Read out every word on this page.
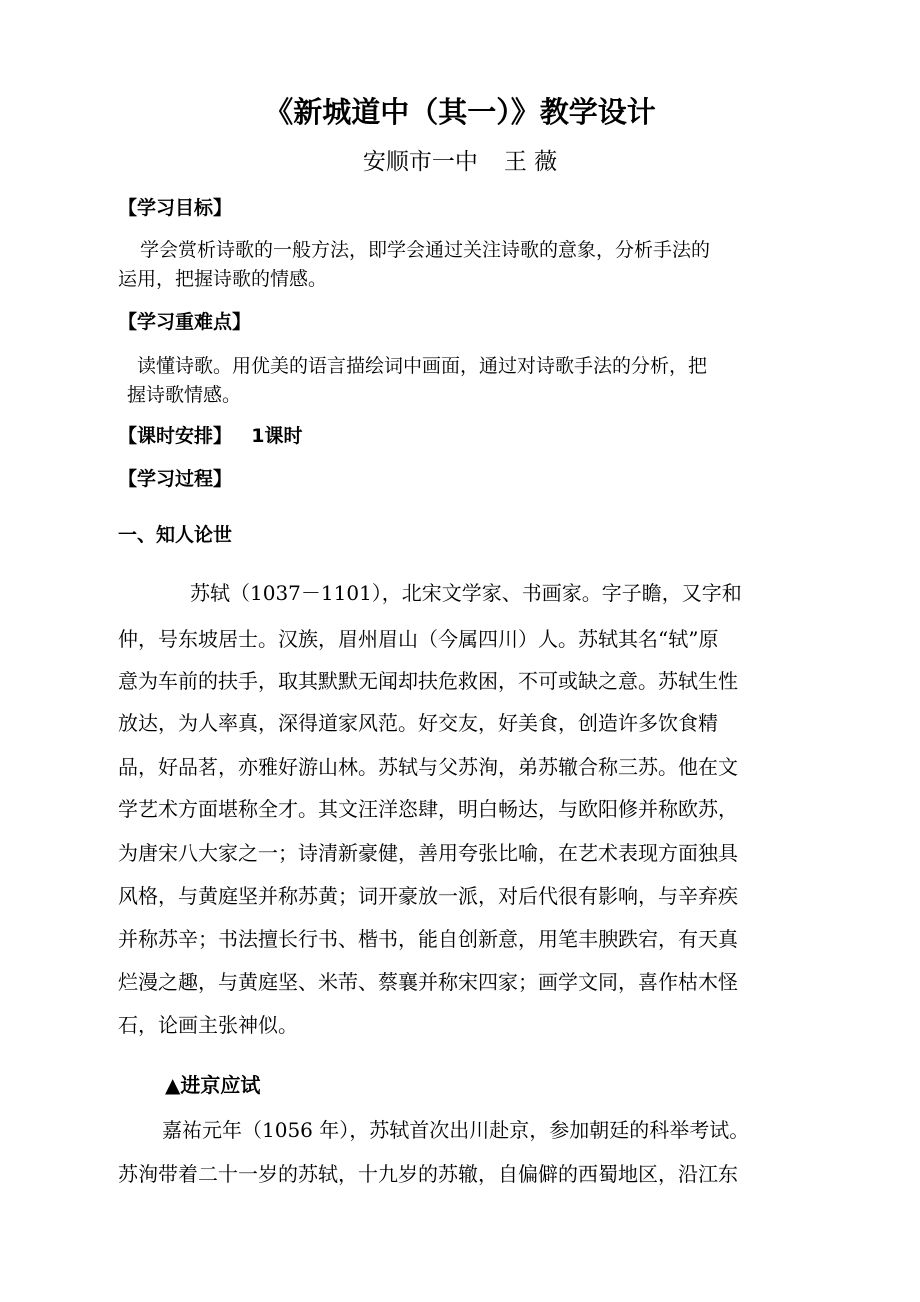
《新城道中（其一）》教学设计
安顺市一中 王 薇
【学习目标】
学会赏析诗歌的一般方法，即学会通过关注诗歌的意象，分析手法的
运用，把握诗歌的情感。
【学习重难点】
读懂诗歌。用优美的语言描绘词中画面，通过对诗歌手法的分析，把
握诗歌情感。
【课时安排】 1课时
【学习过程】
一、知人论世
苏轼（1037－1101），北宋文学家、书画家。字子瞻，又字和
仲，号东坡居士。汉族，眉州眉山（今属四川）人。苏轼其名“轼”原
意为车前的扶手，取其默默无闻却扶危救困，不可或缺之意。苏轼生性
放达，为人率真，深得道家风范。好交友，好美食，创造许多饮食精
品，好品茗，亦雅好游山林。苏轼与父苏洵，弟苏辙合称三苏。他在文
学艺术方面堪称全才。其文汪洋恣肆，明白畅达，与欧阳修并称欧苏，
为唐宋八大家之一；诗清新豪健，善用夸张比喻，在艺术表现方面独具
风格，与黄庭坚并称苏黄；词开豪放一派，对后代很有影响，与辛弃疾
并称苏辛；书法擅长行书、楷书，能自创新意，用笔丰腴跌宕，有天真
烂漫之趣，与黄庭坚、米芾、蔡襄并称宋四家；画学文同，喜作枯木怪
石，论画主张神似。
▲进京应试
嘉祐元年（1056 年），苏轼首次出川赴京，参加朝廷的科举考试。
苏洵带着二十一岁的苏轼，十九岁的苏辙，自偏僻的西蜀地区，沿江东
